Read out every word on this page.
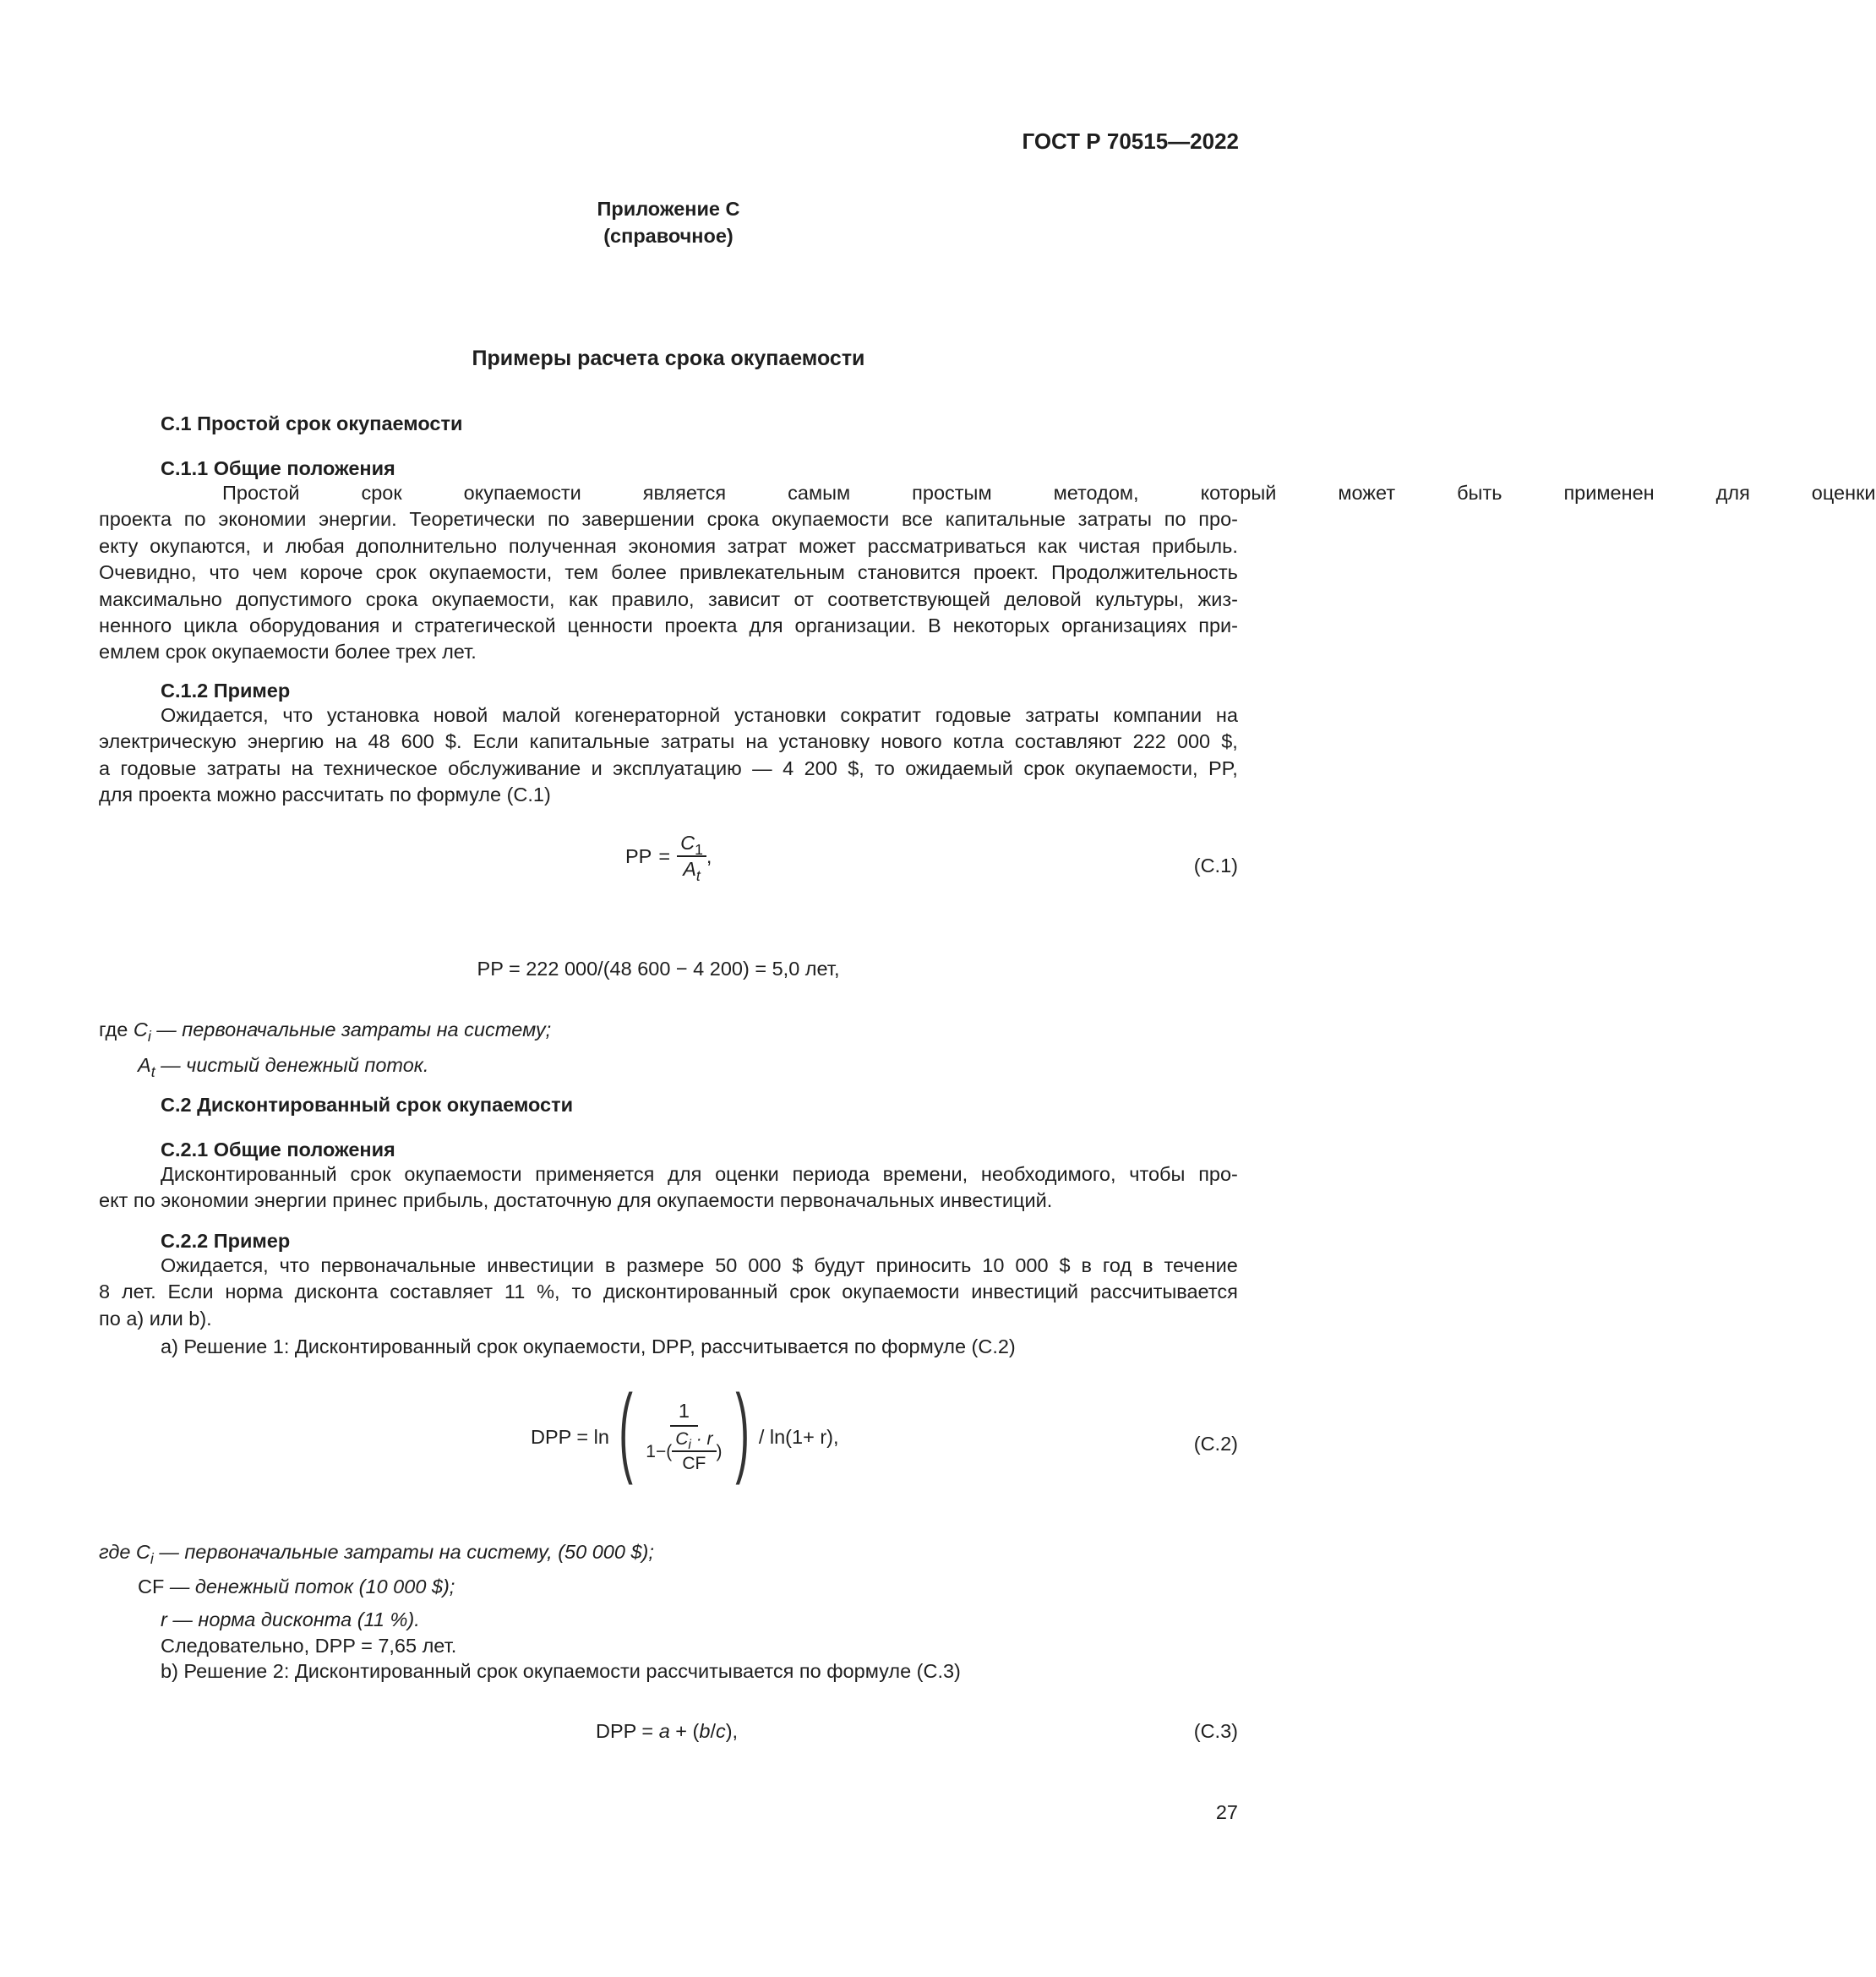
ГОСТ Р 70515—2022
Приложение С
(справочное)
Примеры расчета срока окупаемости
С.1 Простой срок окупаемости
С.1.1 Общие положения
Простой	срок	окупаемости	является	самым	простым	методом,	который	может	быть	применен	для	оценки
проекта по экономии энергии. Теоретически по завершении срока окупаемости все капитальные затраты по про-
екту окупаются, и любая дополнительно полученная экономия затрат может рассматриваться как чистая прибыль.
Очевидно, что чем короче срок окупаемости, тем более привлекательным становится проект. Продолжительность
максимально допустимого срока окупаемости, как правило, зависит от соответствующей деловой культуры, жиз-
ненного цикла оборудования и стратегической ценности проекта для организации. В некоторых организациях при-
емлем срок окупаемости более трех лет.
С.1.2 Пример
Ожидается, что установка новой малой когенераторной установки сократит годовые затраты компании на
электрическую энергию на 48 600 $. Если капитальные затраты на установку нового котла составляют 222 000 $,
а годовые затраты на техническое обслуживание и эксплуатацию — 4 200 $, то ожидаемый срок окупаемости, PP,
для проекта можно рассчитать по формуле (С.1)
PP = $\frac{C_1}{A_t}$ ,	(С.1)
PP = 222 000/(48 600 − 4 200) = 5,0 лет,
где $C_i$ — первоначальные затраты на систему;
$A_t$ — чистый денежный поток.
С.2 Дисконтированный срок окупаемости
С.2.1 Общие положения
Дисконтированный срок окупаемости применяется для оценки периода времени, необходимого, чтобы про-
ект по экономии энергии принес прибыль, достаточную для окупаемости первоначальных инвестиций.
С.2.2 Пример
Ожидается, что первоначальные инвестиции в размере 50 000 $ будут приносить 10 000 $ в год в течение
8 лет. Если норма дисконта составляет 11 %, то дисконтированный срок окупаемости инвестиций рассчитывается
по а) или b).
а) Решение 1: Дисконтированный срок окупаемости, DPP, рассчитывается по формуле (С.2)
DPP = ln ( $\frac{1}{1-( \frac{C_i \cdot r}{CF} )}$ ) / ln(1+ r),	(С.2)
где $C_i$ — первоначальные затраты на систему, (50 000 $);
CF — денежный поток (10 000 $);
r — норма дисконта (11 %).
Следовательно, DPP = 7,65 лет.
b) Решение 2: Дисконтированный срок окупаемости рассчитывается по формуле (С.3)
DPP = a + (b/c),	(С.3)
27
